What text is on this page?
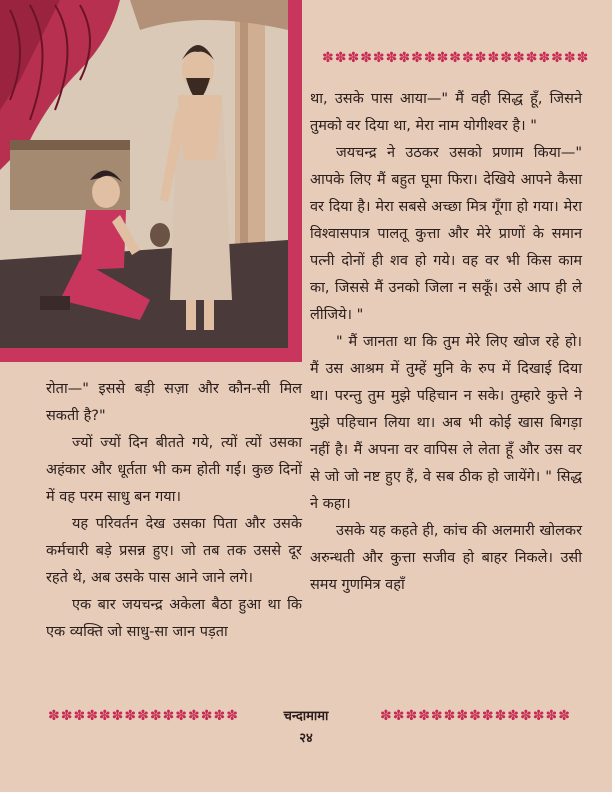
✽✽✽✽✽✽✽✽✽✽✽✽✽✽✽✽✽✽✽✽✽✽✽✽

था, उसके पास आया—" मैं वही सिद्ध हूँ, जिसने तुमको वर दिया था, मेरा नाम योगीश्वर है। "

जयचन्द्र ने उठकर उसको प्रणाम किया—" आपके लिए मैं बहुत घूमा फिरा। देखिये आपने कैसा वर दिया है। मेरा सबसे अच्छा मित्र गूँगा हो गया। मेरा विश्वासपात्र पालतू कुत्ता और मेरे प्राणों के समान पत्नी दोनों ही शव हो गये। वह वर भी किस काम का, जिससे मैं उनको जिला न सकूँ। उसे आप ही ले लीजिये। "

" मैं जानता था कि तुम मेरे लिए खोज रहे हो। मैं उस आश्रम में तुम्हें मुनि के रुप में दिखाई दिया था। परन्तु तुम मुझे पहिचान न सके। तुम्हारे कुत्ते ने मुझे पहिचान लिया था। अब भी कोई खास बिगड़ा नहीं है। मैं अपना वर वापिस ले लेता हूँ और उस वर से जो जो नष्ट हुए हैं, वे सब ठीक हो जायेंगे। " सिद्ध ने कहा।

उसके यह कहते ही, कांच की अलमारी खोलकर अरुन्धती और कुत्ता सजीव हो बाहर निकले। उसी समय गुणमित्र वहाँ

रोता—" इससे बड़ी सज़ा और कौन-सी मिल सकती है?"

ज्यों ज्यों दिन बीतते गये, त्यों त्यों उसका अहंकार और धूर्तता भी कम होती गई। कुछ दिनों में वह परम साधु बन गया।

यह परिवर्तन देख उसका पिता और उसके कर्मचारी बड़े प्रसन्न हुए। जो तब तक उससे दूर रहते थे, अब उसके पास आने जाने लगे।

एक बार जयचन्द्र अकेला बैठा हुआ था कि एक व्यक्ति जो साधु-सा जान पड़ता

✽✽✽✽✽✽✽✽✽✽✽✽✽✽✽✽✽✽✽✽✽✽✽✽
✽✽✽✽✽✽✽✽✽✽✽✽✽✽✽✽✽✽✽✽✽✽✽✽
चन्दामामा
२४
